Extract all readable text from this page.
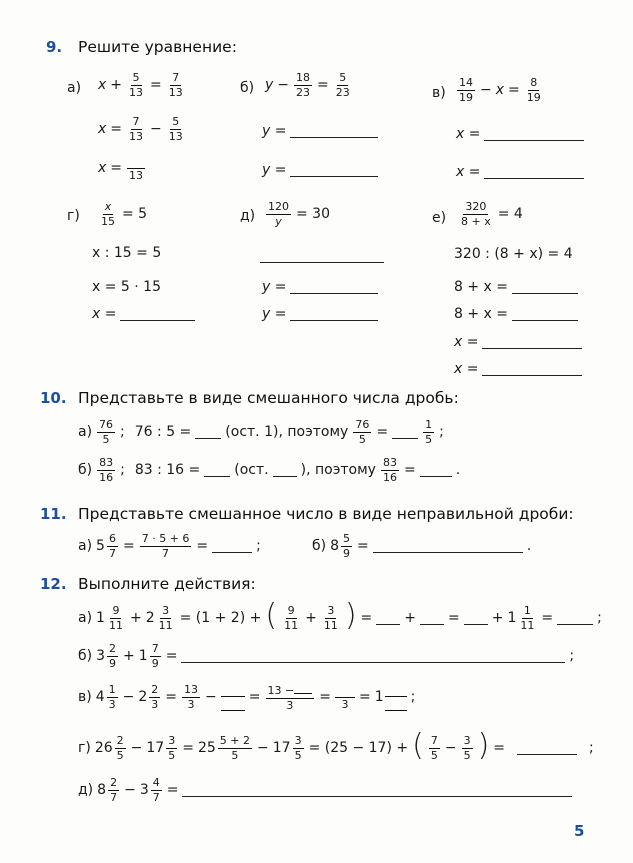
9. Решите уравнение:
а) $x + \frac{5}{13} = \frac{7}{13}$
$x = \frac{7}{13} - \frac{5}{13}$
x =
13
б) $y - \frac{18}{23} = \frac{5}{23}$
y =
y =
$в) \frac{14}{19} - x = \frac{8}{19}$
x =
x =
$г) \frac{x}{15} = 5$
x : 15 = 5
x = 5 · 15
x =
$д) \frac{120}{y} = 30$
y =
y =
$е) \frac{320}{8 + x} = 4$
320 : (8 + x) = 4
8 + x =
8 + x =
x =
x =
10. Представьте в виде смешанного числа дробь:
$а) \frac{76}{5}$ ; 76 : 5 = (ост. 1), поэтому $\frac{76}{5}$ =	$\frac{1}{5}$ ;
$б) \frac{83}{16}$ ; 83 : 16 = (ост. ), поэтому $\frac{83}{16}$ =	.
11. Представьте смешанное число в виде неправильной дроби:
а) $5 \frac{6}{7} = \frac{7 \cdot 5 + 6}{7}$ =	;	б) $8 \frac{5}{9}$ =	.
12. Выполните действия:
а) $1 \frac{9}{11} + 2 \frac{3}{11} = (1 + 2)$ + ( $\frac{9}{11} + \frac{3}{11}$ ) = + = + $1 \frac{1}{11}$ =	;
б) $3 \frac{2}{9} + 1 \frac{7}{9}$ =	;
в) $4 \frac{1}{3} - 2 \frac{2}{3} = \frac{13}{3}$ −

= $\frac{13 -}{3}$ =
3 = 1

;
г) $26 \frac{2}{5} - 17 \frac{3}{5} = 25 \frac{5 + 2}{5} - 17 \frac{3}{5} = (25 - 17)$ + ( $\frac{7}{5} - \frac{3}{5}$ ) =	;
д) $8 \frac{2}{7} - 3 \frac{4}{7}$ =
5
